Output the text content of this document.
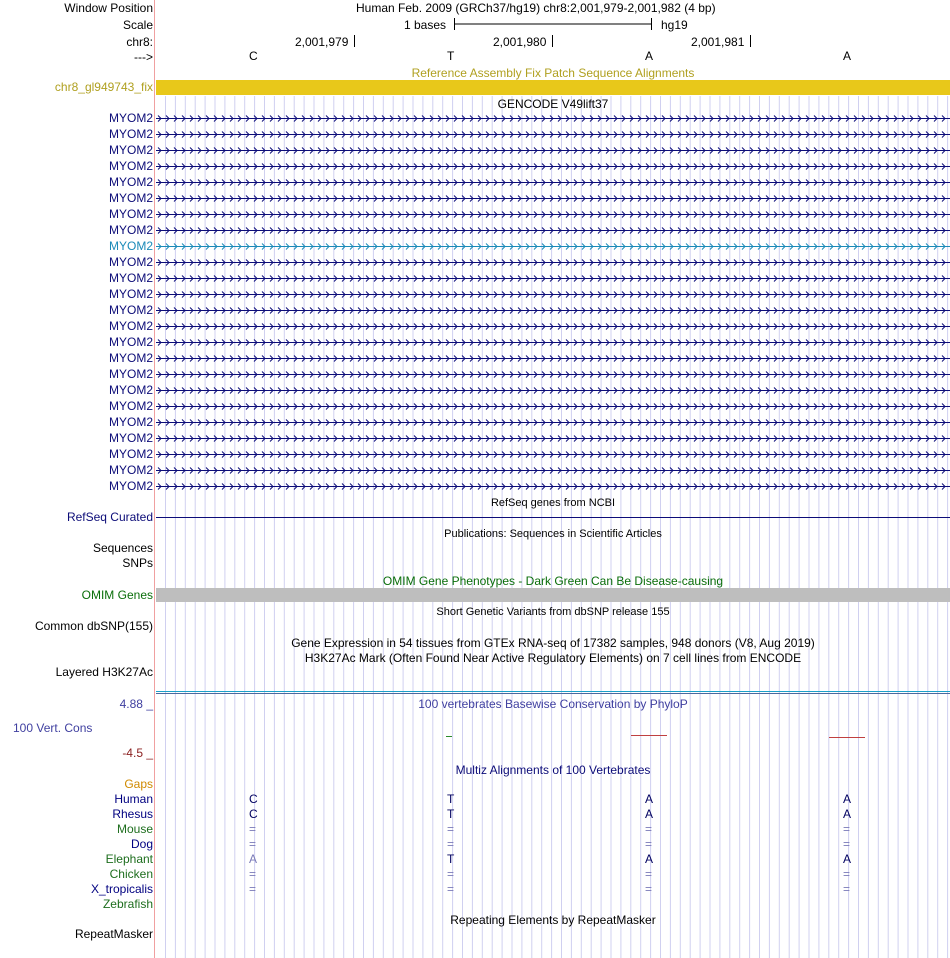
Window Position	Human Feb. 2009 (GRCh37/hg19) chr8:2,001,979-2,001,982 (4 bp)
Scale	1 bases	hg19
chr8:	2,001,979	2,001,980	2,001,981
--->	C	T	A	A
Reference Assembly Fix Patch Sequence Alignments
chr8_gl949743_fix
GENCODE V49lift37
MYOM2
MYOM2
MYOM2
MYOM2
MYOM2
MYOM2
MYOM2
MYOM2
MYOM2
MYOM2
MYOM2
MYOM2
MYOM2
MYOM2
MYOM2
MYOM2
MYOM2
MYOM2
MYOM2
MYOM2
MYOM2
MYOM2
MYOM2
MYOM2
RefSeq genes from NCBI
RefSeq Curated
Publications: Sequences in Scientific Articles
Sequences
SNPs
OMIM Gene Phenotypes - Dark Green Can Be Disease-causing
OMIM Genes
Short Genetic Variants from dbSNP release 155
Common dbSNP(155)
Gene Expression in 54 tissues from GTEx RNA-seq of 17382 samples, 948 donors (V8, Aug 2019)
H3K27Ac Mark (Often Found Near Active Regulatory Elements) on 7 cell lines from ENCODE
Layered H3K27Ac
100 vertebrates Basewise Conservation by PhyloP
4.88 _
100 Vert. Cons
-4.5 _
Multiz Alignments of 100 Vertebrates
Gaps
Human	C	T	A	A
Rhesus	C	T	A	A
Mouse	=	=	=	=
Dog	=	=	=	=
Elephant	A	T	A	A
Chicken	=	=	=	=
X_tropicalis	=	=	=	=
Zebrafish
Repeating Elements by RepeatMasker
RepeatMasker
